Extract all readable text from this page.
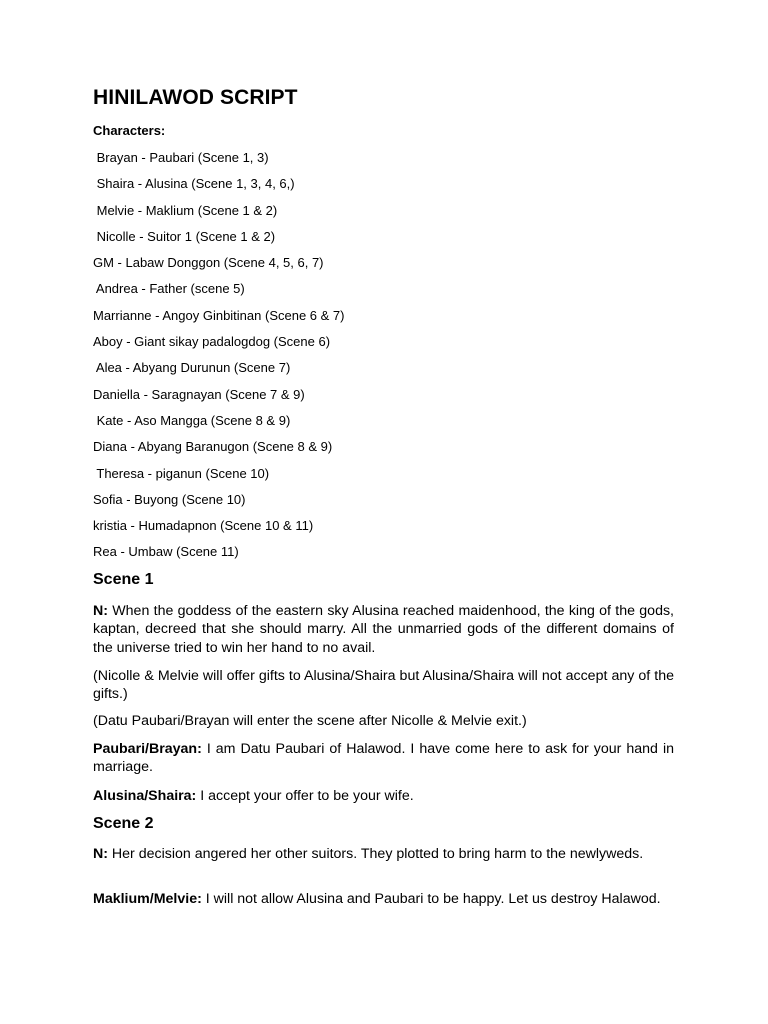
HINILAWOD SCRIPT
Characters:
Brayan - Paubari (Scene 1, 3)
Shaira - Alusina (Scene 1, 3, 4, 6,)
Melvie - Maklium (Scene 1 & 2)
Nicolle - Suitor 1 (Scene 1 & 2)
GM - Labaw Donggon (Scene 4, 5, 6, 7)
Andrea - Father (scene 5)
Marrianne - Angoy Ginbitinan (Scene 6 & 7)
Aboy - Giant sikay padalogdog (Scene 6)
Alea - Abyang Durunun (Scene 7)
Daniella - Saragnayan (Scene 7 & 9)
Kate - Aso Mangga (Scene 8 & 9)
Diana - Abyang Baranugon (Scene 8 & 9)
Theresa - piganun (Scene 10)
Sofia - Buyong (Scene 10)
kristia - Humadapnon (Scene 10 & 11)
Rea - Umbaw (Scene 11)
Scene 1
N: When the goddess of the eastern sky Alusina reached maidenhood, the king of the gods, kaptan, decreed that she should marry. All the unmarried gods of the different domains of the universe tried to win her hand to no avail.
(Nicolle & Melvie will offer gifts to Alusina/Shaira but Alusina/Shaira will not accept any of the gifts.)
(Datu Paubari/Brayan will enter the scene after Nicolle & Melvie exit.)
Paubari/Brayan: I am Datu Paubari of Halawod. I have come here to ask for your hand in marriage.
Alusina/Shaira: I accept your offer to be your wife.
Scene 2
N: Her decision angered her other suitors. They plotted to bring harm to the newlyweds.
Maklium/Melvie: I will not allow Alusina and Paubari to be happy. Let us destroy Halawod.
